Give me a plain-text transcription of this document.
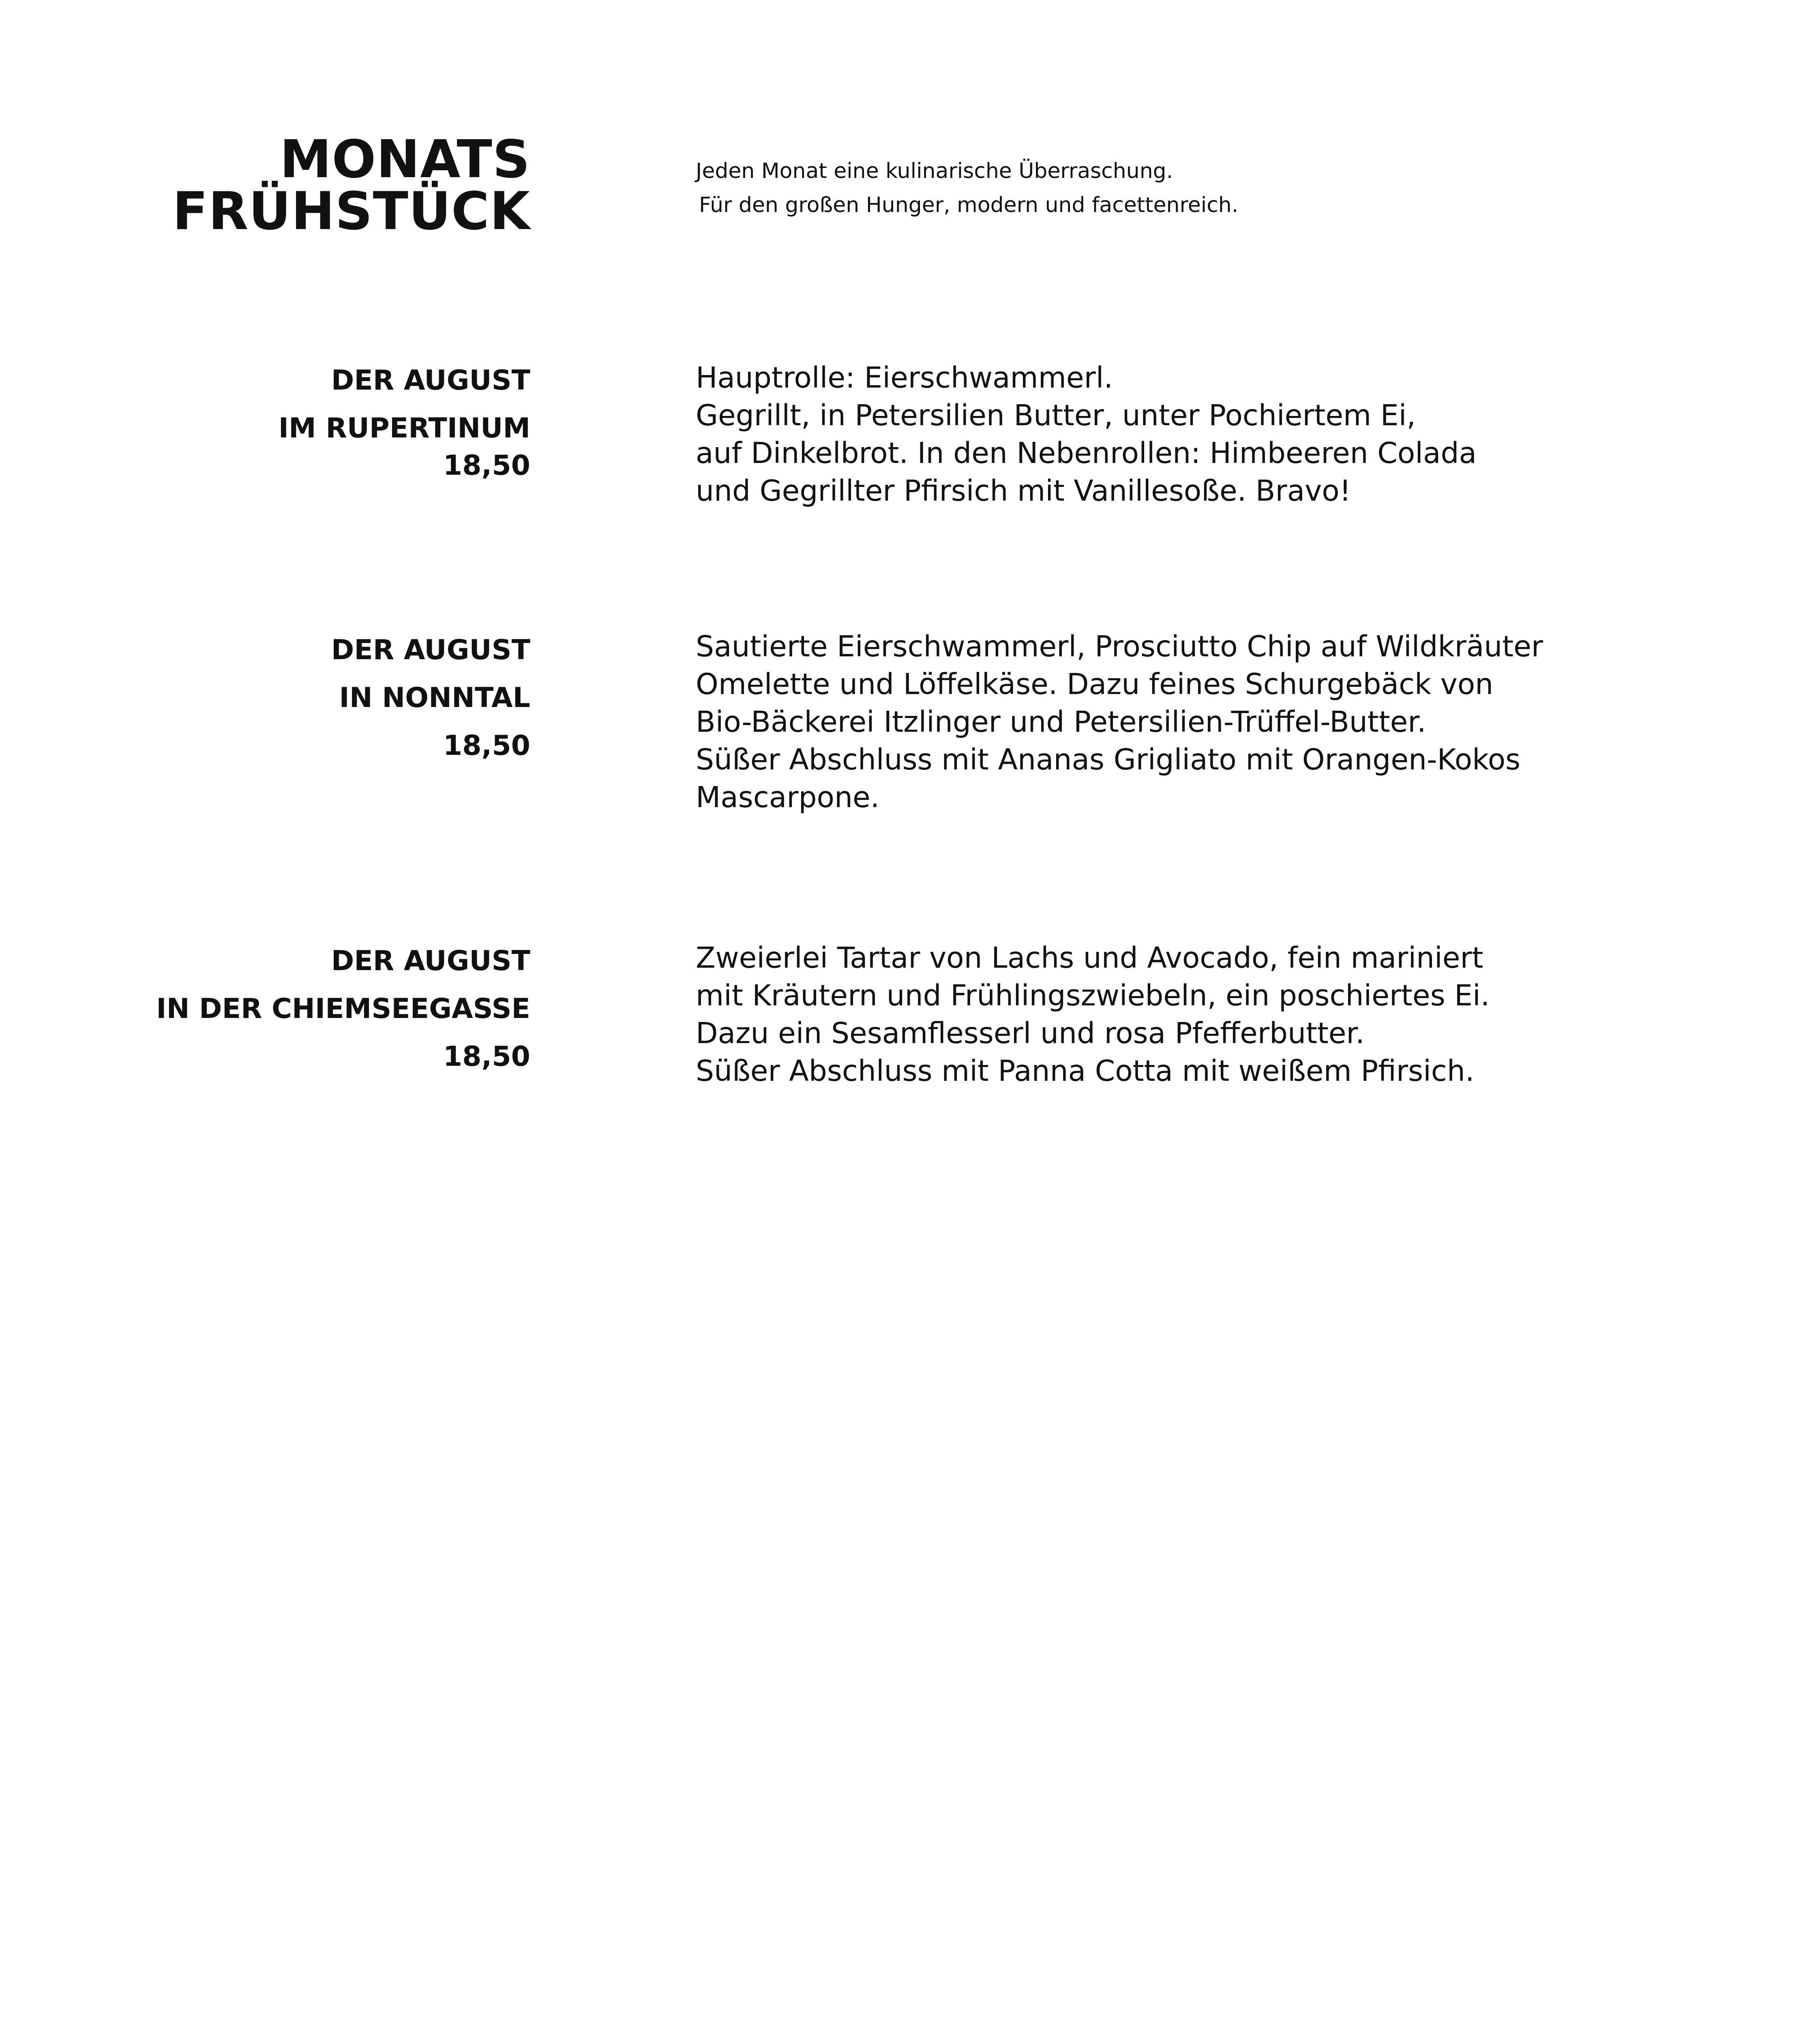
MONATS
FRÜHSTÜCK
Jeden Monat eine kulinarische Überraschung.
Für den großen Hunger, modern und facettenreich.
DER AUGUST
IM RUPERTINUM
18,50
Hauptrolle: Eierschwammerl.
Gegrillt, in Petersilien Butter, unter Pochiertem Ei,
auf Dinkelbrot. In den Nebenrollen: Himbeeren Colada
und Gegrillter Pfirsich mit Vanillesoße. Bravo!
DER AUGUST
IN NONNTAL
18,50
Sautierte Eierschwammerl, Prosciutto Chip auf Wildkräuter
Omelette und Löffelkäse. Dazu feines Schurgebäck von
Bio-Bäckerei Itzlinger und Petersilien-Trüffel-Butter.
Süßer Abschluss mit Ananas Grigliato mit Orangen-Kokos
Mascarpone.
DER AUGUST
IN DER CHIEMSEEGASSE
18,50
Zweierlei Tartar von Lachs und Avocado, fein mariniert
mit Kräutern und Frühlingszwiebeln, ein poschiertes Ei.
Dazu ein Sesamflesserl und rosa Pfefferbutter.
Süßer Abschluss mit Panna Cotta mit weißem Pfirsich.
